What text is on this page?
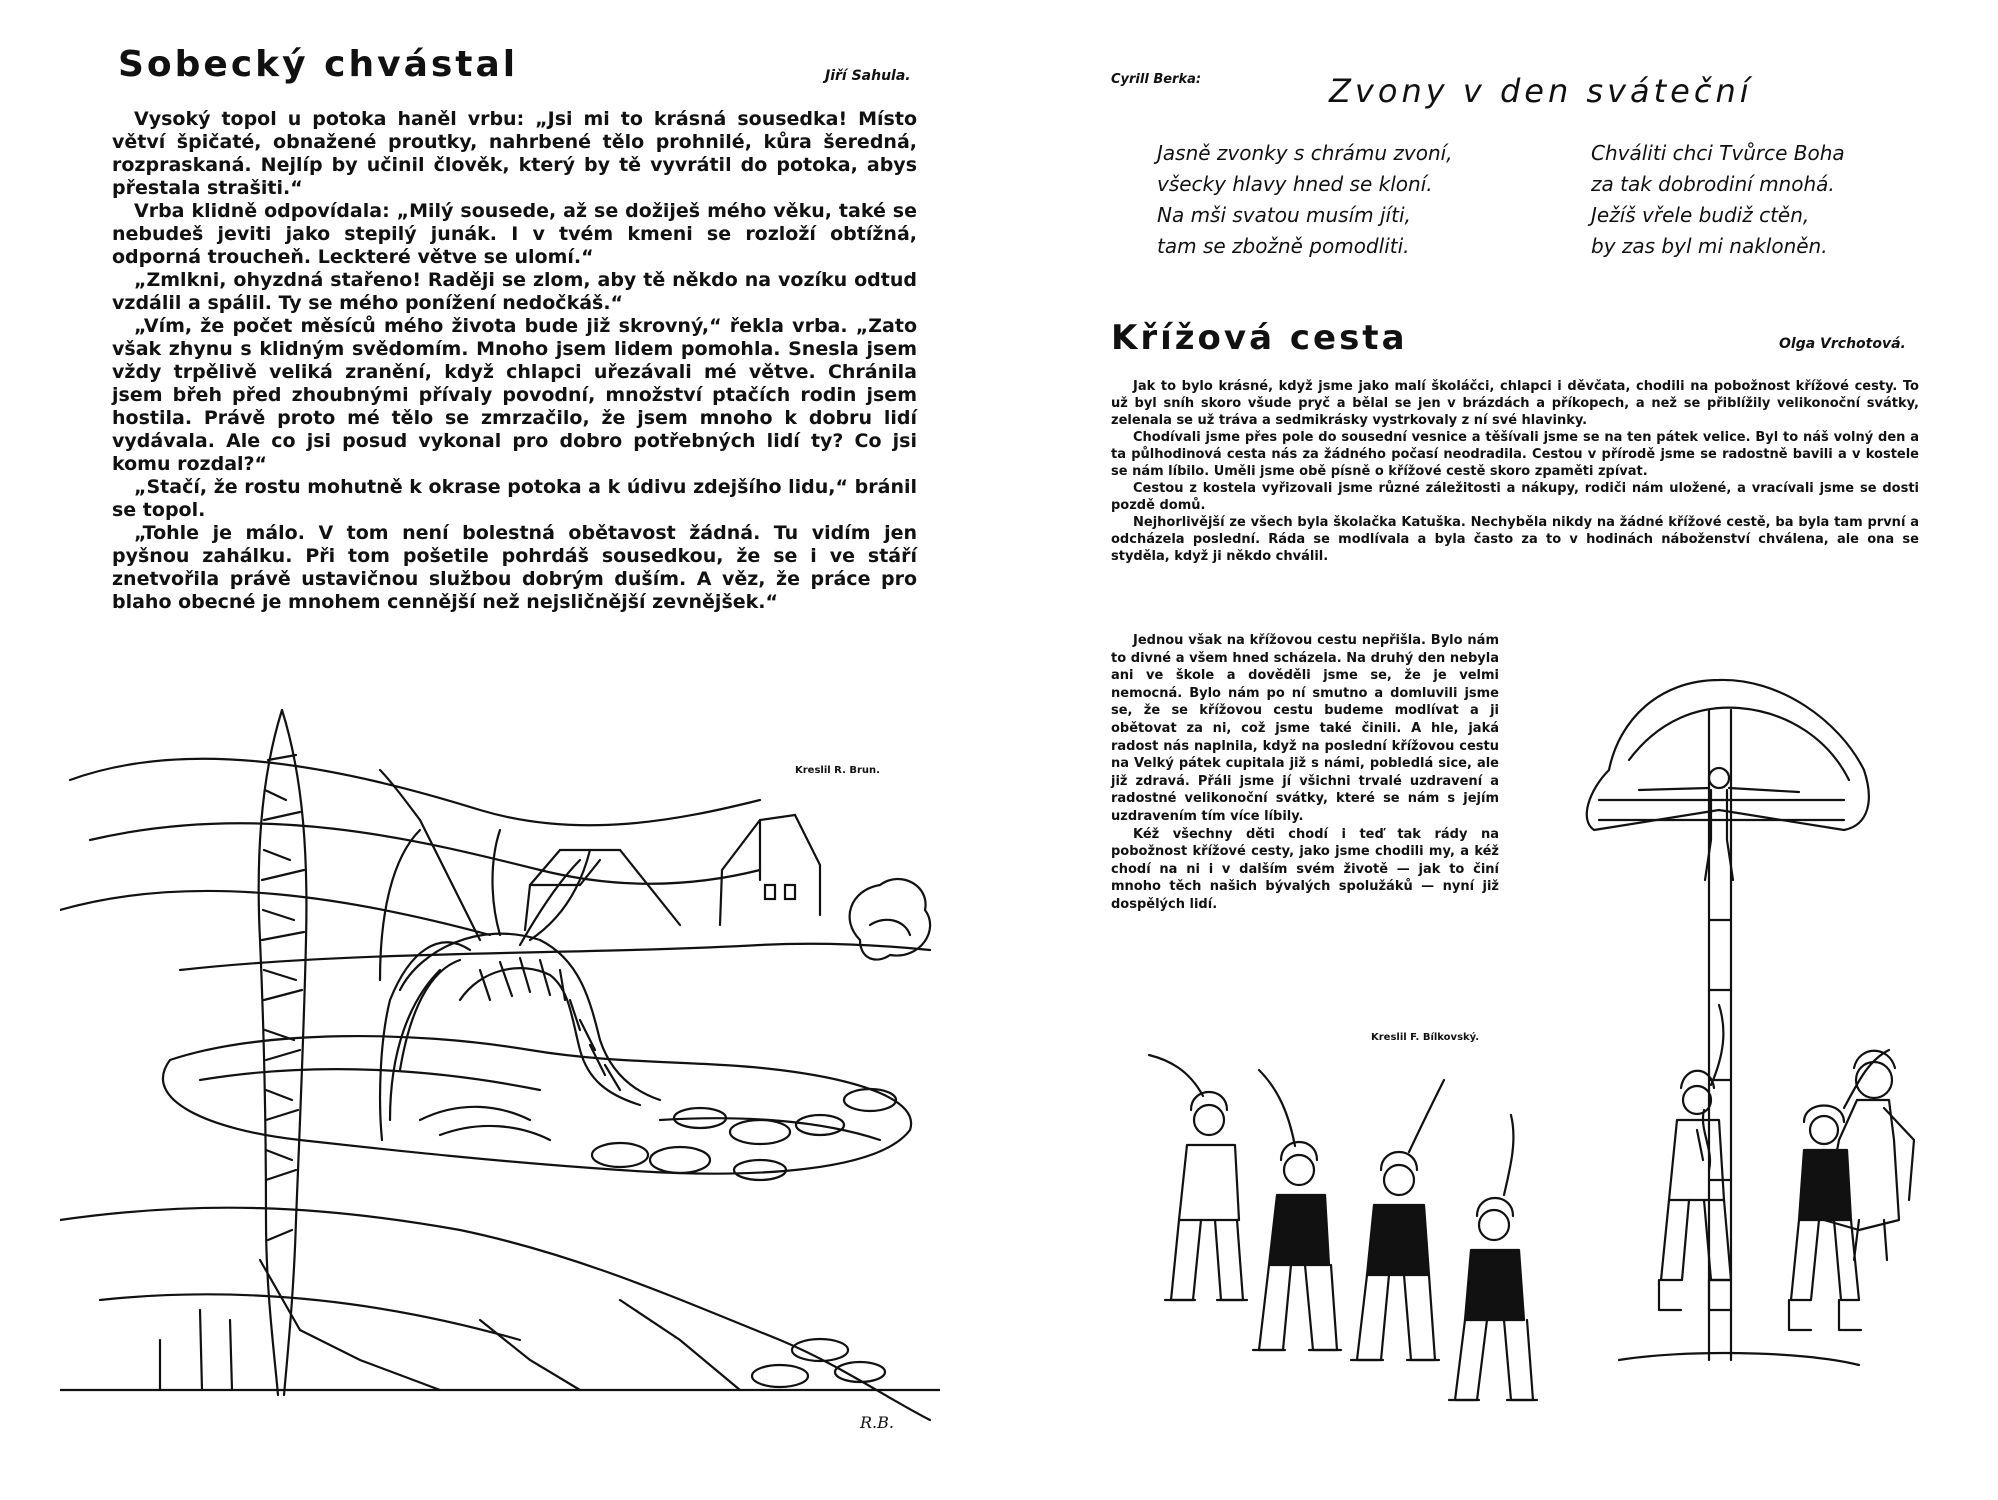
Sobecký chvástal	Jiří Sahula.

Vysoký topol u potoka haněl vrbu: „Jsi mi to krásná sousedka! Místo větví špičaté, obnažené proutky, nahrbené tělo prohnilé, kůra šeredná, rozpraskaná. Nejlíp by učinil člověk, který by tě vyvrátil do potoka, abys přestala strašiti.“

Vrba klidně odpovídala: „Milý sousede, až se dožiješ mého věku, také se nebudeš jeviti jako stepilý junák. I v tvém kmeni se rozloží obtížná, odporná troucheň. Leckteré větve se ulomí.“

„Zmlkni, ohyzdná stařeno! Raději se zlom, aby tě někdo na vozíku odtud vzdálil a spálil. Ty se mého ponížení nedočkáš.“

„Vím, že počet měsíců mého života bude již skrovný,“ řekla vrba. „Zato však zhynu s klidným svědomím. Mnoho jsem lidem pomohla. Snesla jsem vždy trpělivě veliká zranění, když chlapci uřezávali mé větve. Chránila jsem břeh před zhoubnými přívaly povodní, množství ptačích rodin jsem hostila. Právě proto mé tělo se zmrzačilo, že jsem mnoho k dobru lidí vydávala. Ale co jsi posud vykonal pro dobro potřebných lidí ty? Co jsi komu rozdal?“

„Stačí, že rostu mohutně k okrase potoka a k údivu zdejšího lidu,“ bránil se topol.

„Tohle je málo. V tom není bolestná obětavost žádná. Tu vidím jen pyšnou zahálku. Při tom pošetile pohrdáš sousedkou, že se i ve stáří znetvořila právě ustavičnou službou dobrým duším. A věz, že práce pro blaho obecné je mnohem cennější než nejsličnější zevnějšek.“

Kreslil R. Brun.
R.B.
Cyrill Berka:	Zvony v den sváteční
Jasně zvonky s chrámu zvoní,
všecky hlavy hned se kloní.
Na mši svatou musím jíti,
tam se zbožně pomodliti.
Chváliti chci Tvůrce Boha
za tak dobrodiní mnohá.
Ježíš vřele budiž ctěn,
by zas byl mi nakloněn.
Křížová cesta	Olga Vrchotová.

Jak to bylo krásné, když jsme jako malí školáčci, chlapci i děvčata, chodili na pobožnost křížové cesty. To už byl sníh skoro všude pryč a bělal se jen v brázdách a příkopech, a než se přiblížily velikonoční svátky, zelenala se už tráva a sedmikrásky vystrkovaly z ní své hlavinky.

Chodívali jsme přes pole do sousední vesnice a těšívali jsme se na ten pátek velice. Byl to náš volný den a ta půlhodinová cesta nás za žádného počasí neodradila. Cestou v přírodě jsme se radostně bavili a v kostele se nám líbilo. Uměli jsme obě písně o křížové cestě skoro zpaměti zpívat.

Cestou z kostela vyřizovali jsme různé záležitosti a nákupy, rodiči nám uložené, a vracívali jsme se dosti pozdě domů.

Nejhorlivější ze všech byla školačka Katuška. Nechyběla nikdy na žádné křížové cestě, ba byla tam první a odcházela poslední. Ráda se modlívala a byla často za to v hodinách náboženství chválena, ale ona se styděla, když ji někdo chválil.

Jednou však na křížovou cestu nepřišla. Bylo nám to divné a všem hned scházela. Na druhý den nebyla ani ve škole a dověděli jsme se, že je velmi nemocná. Bylo nám po ní smutno a domluvili jsme se, že se křížovou cestu budeme modlívat a ji obětovat za ni, což jsme také činili. A hle, jaká radost nás naplnila, když na poslední křížovou cestu na Velký pátek cupitala již s námi, pobledlá sice, ale již zdravá. Přáli jsme jí všichni trvalé uzdravení a radostné velikonoční svátky, které se nám s jejím uzdravením tím více líbily.

Kéž všechny děti chodí i teď tak rády na pobožnost křížové cesty, jako jsme chodili my, a kéž chodí na ni i v dalším svém životě — jak to činí mnoho těch našich bývalých spolužáků — nyní již dospělých lidí.

Kreslil F. Bílkovský.
